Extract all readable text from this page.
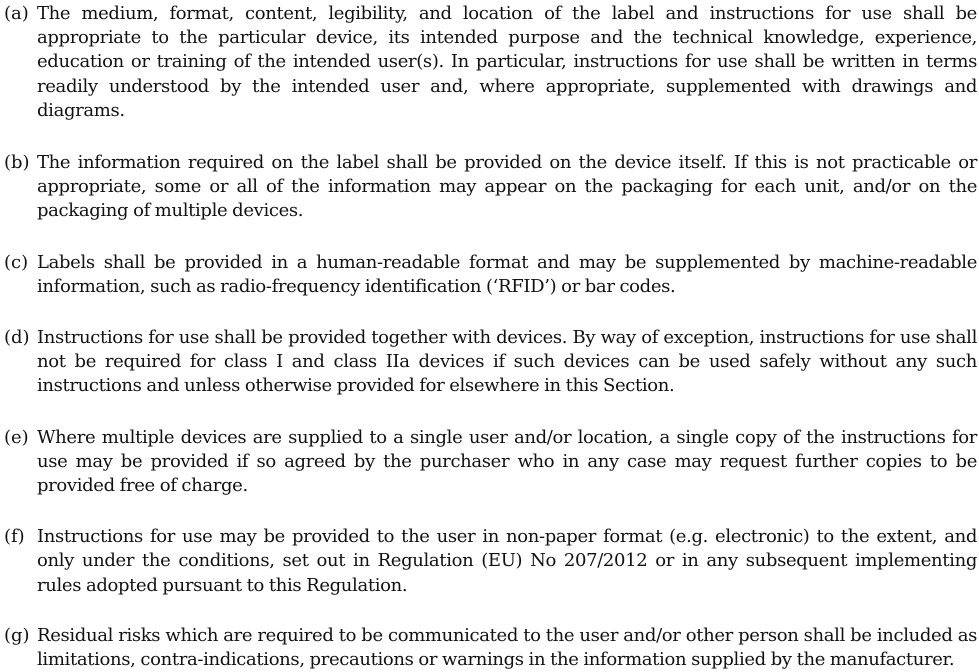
(a) The medium, format, content, legibility, and location of the label and instructions for use shall be appropriate to the particular device, its intended purpose and the technical knowledge, experience, education or training of the intended user(s). In particular, instructions for use shall be written in terms readily understood by the intended user and, where appropriate, supplemented with drawings and diagrams.
(b) The information required on the label shall be provided on the device itself. If this is not practicable or appropriate, some or all of the information may appear on the packaging for each unit, and/or on the packaging of multiple devices.
(c) Labels shall be provided in a human-readable format and may be supplemented by machine-readable information, such as radio-frequency identification (‘RFID’) or bar codes.
(d) Instructions for use shall be provided together with devices. By way of exception, instructions for use shall not be required for class I and class IIa devices if such devices can be used safely without any such instructions and unless otherwise provided for elsewhere in this Section.
(e) Where multiple devices are supplied to a single user and/or location, a single copy of the instructions for use may be provided if so agreed by the purchaser who in any case may request further copies to be provided free of charge.
(f) Instructions for use may be provided to the user in non-paper format (e.g. electronic) to the extent, and only under the conditions, set out in Regulation (EU) No 207/2012 or in any subsequent implementing rules adopted pursuant to this Regulation.
(g) Residual risks which are required to be communicated to the user and/or other person shall be included as limitations, contra-indications, precautions or warnings in the information supplied by the manufacturer.
